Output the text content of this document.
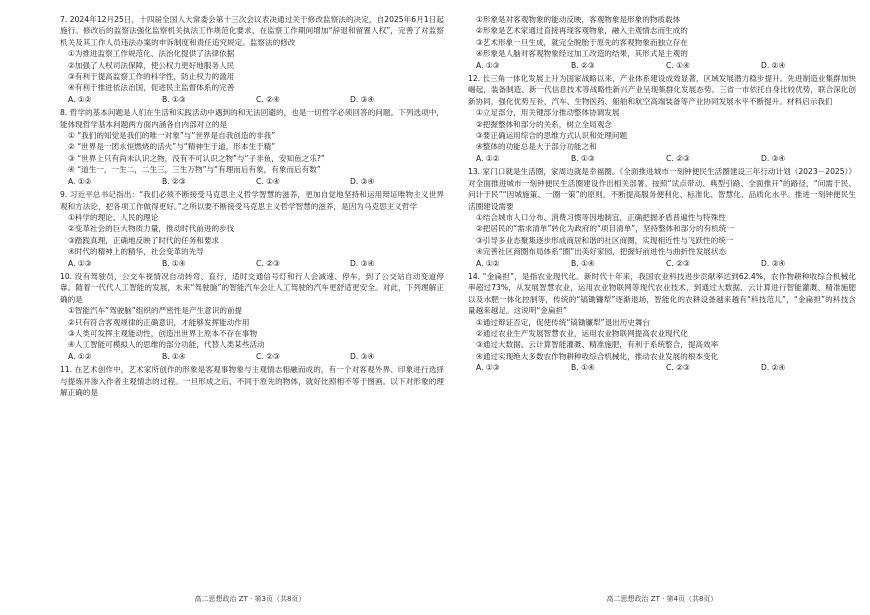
7. 2024年12月25日，十四届全国人大常委会第十三次会议表决通过关于修改监察法的决定，自2025年6月1日起施行。修改后的监察法强化监察机关执法工作规范化要求，在监察工作期间增加“辞退和留置人权”，完善了对监察机关及其工作人员违法办案的申诉制度和责任追究规定。监察法的修改
①为推进监察工作规范化、法治化提供了法律依据
②加强了人权司法保障，使公权力更好地服务人民
③有利于提高监察工作的科学性，防止权力的滥用
④有利于推进依法治国，促进民主监督体系的完善
A. ①②	B. ①③	C. ②④	D. ③④
8. 哲学的基本问题是人们在生活和实践活动中遇到的和无法回避的，也是一切哲学必须回答的问题。下列选项中，能体现哲学基本问题两方面内涵各自内部对立的是
① “我们的知觉是我们的唯一对象”与“世界是自我创造的非我”
② “世界是一团永恒燃烧的活火”与“精神生于道，形本生于精”
③ “世界上只有尚未认识之物，没有不可认识之物”与“子非鱼，安知鱼之乐?”
④ “道生一，一生二，二生三，三生万物”与“有理而后有象，有象而后有数”
A. ①②	B. ②③	C. ①④	D. ③④
9. 习近平总书记指出：“我们必须不断接受马克思主义哲学智慧的滋养，更加自觉地坚持和运用辩证唯物主义世界观和方法论，把各项工作做得更好。”之所以要不断接受马克思主义哲学智慧的滋养，是因为马克思主义哲学
①科学的理论、人民的理论
②变革社会的巨大物质力量，推动时代前进的步伐
③踏践真理，正确地反映了时代的任务和要求
④时代的精神上的精华，社会变革的先导
A. ①③	B. ①④	C. ②③	D. ③④
10. 没有驾驶员，公交车视情况自动转弯、直行，适时交通信号灯和行人会减速、停车，到了公交站自动变道停靠。随着一代代人工智能的发展，未来“驾驶脑”的智能汽车会让人工驾驶的汽车更舒适更安全。对此，下列理解正确的是
①智能汽车“驾驶脑”组织的严密性是产生意识的前提
②只有符合客观规律的正确意识，才能够发挥能动作用
③人类可发挥主观能动性，创造出世界上原本不存在事物
④人工智能可模拟人的思维的部分功能，代替人类某些活动
A. ①②	B. ①④	C. ②③	D. ③④
11. 在艺术创作中，艺术家所创作的形象是客观事物象与主观情志相融而成的，有一个对客观外界、印象进行选择与提炼并渗入作者主观情志的过程。一旦形成之后，不同于原先的物体，就好比照相不等于图画。以下对形象的理解正确的是
①形象是对客观物象的能动反映，客观物象是形象的物质载体
②形象是艺术家通过直接再现客观物象，融入主观情志而生成的
③艺术形象一旦生成，就完全脱胎于原先的客观物象而独立存在
④形象是人脑对客观物象经过加工改造的结果，其形式是主观的
A. ①③	B. ②③	C. ①④	D. ②④
12. 长三角一体化发展上升为国家战略以来，产业体系建设成效显著，区域发展潜力稳步提升。先进制造业集群加快崛起，装备制造、新一代信息技术等战略性新兴产业呈现集群化发展态势。三省一市依托自身比较优势，联合深化创新协同，强化优势互补，汽车、生物医药、船舶和航空高端装备等产业协同发展水平不断提升。材料启示我们
①立足部分，用关键部分推动整体协调发展
②把握整体和部分的关系，树立全局观念
③要正确运用综合的思维方式认识和处理问题
④整体的功能总是大于部分功能之和
A. ①②	B. ①③	C. ②③	D. ③④
13. 家门口就是生活圈，家周边就是幸福圈。《全面推进城市一刻钟便民生活圈建设三年行动计划（2023－2025）》对全面推进城市一刻钟便民生活圈建设作出相关部署。按照“试点带动、典型引路、全面推开”的路径，“问需于民、问计于民”“因城施策、一圈一策”的原则，不断提高服务便利化、标准化、智慧化、品质化水平。推进一刻钟便民生活圈建设需要
①结合城市人口分布、消费习惯等因地制宜，正确把握矛盾普遍性与特殊性
②把居民的“需求清单”转化为政府的“项目清单”，坚持整体和部分的有机统一
③引导多业态聚集逐步形成商居和谐的社区商圈，实现相近性与飞跃性的统一
④完善社区商圈布局体系“圈”出美好家园，把握好前进性与曲折性发展状态
A. ①②	B. ①④	C. ②③	D. ③④
14. “金扁担”，是指农业现代化。新时代十年来，我国农业科技进步贡献率达到62.4%，农作物耕种收综合机械化率超过73%，从发展智慧农业，运用农业物联网等现代农业技术，到通过大数据、云计算进行智能灌溉、精准施肥以及水肥一体化控制等，传统的“镐锄镰犁”逐渐退场，智能化的农耕设备越来越有“科技范儿”，“金扁担”的科技含量越来越足。这说明“金扁担”
①通过辩证否定，促使传统“镐锄镰犁”退出历史舞台
②通过农业生产发展智慧农业，运用农业物联网提高农业现代化
③通过大数据、云计算智能灌溉、精准施肥，有利于系统整合，提高效率
④通过实现绝大多数农作物耕种收综合机械化，推动农业发展的根本变化
A. ①③	B. ①④	C. ②③	D. ②④
高二思想政治 ZT · 第3页（共8页）	高二思想政治 ZT · 第4页（共8页）
